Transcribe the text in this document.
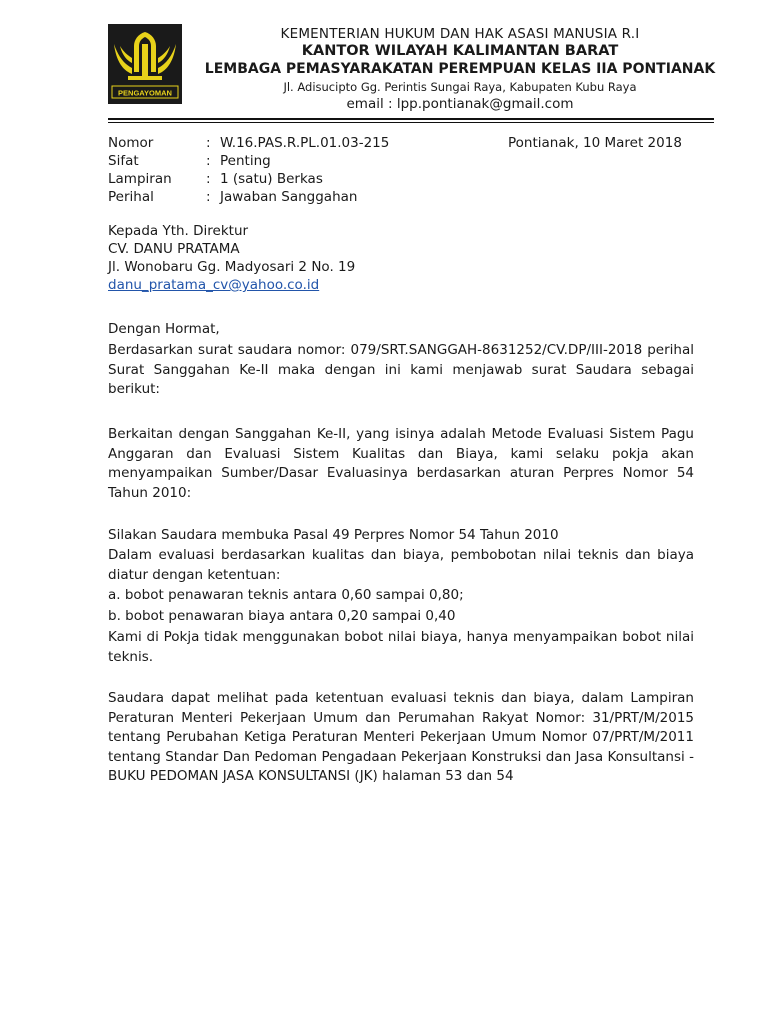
PENGAYOMAN
KEMENTERIAN HUKUM DAN HAK ASASI MANUSIA R.I
KANTOR WILAYAH KALIMANTAN BARAT
LEMBAGA PEMASYARAKATAN PEREMPUAN KELAS IIA PONTIANAK
Jl. Adisucipto Gg. Perintis Sungai Raya, Kabupaten Kubu Raya
email : lpp.pontianak@gmail.com
Nomor	: W.16.PAS.R.PL.01.03-215
Sifat	: Penting
Lampiran	: 1 (satu) Berkas
Perihal	: Jawaban Sanggahan
Pontianak, 10 Maret 2018
Kepada Yth. Direktur
CV. DANU PRATAMA
Jl. Wonobaru Gg. Madyosari 2 No. 19
danu_pratama_cv@yahoo.co.id
Dengan Hormat,
Berdasarkan surat saudara nomor: 079/SRT.SANGGAH-8631252/CV.DP/III-2018 perihal Surat Sanggahan Ke-II maka dengan ini kami menjawab surat Saudara sebagai berikut:
Berkaitan dengan Sanggahan Ke-II, yang isinya adalah Metode Evaluasi Sistem Pagu Anggaran dan Evaluasi Sistem Kualitas dan Biaya, kami selaku pokja akan menyampaikan Sumber/Dasar Evaluasinya berdasarkan aturan Perpres Nomor 54 Tahun 2010:
Silakan Saudara membuka Pasal 49 Perpres Nomor 54 Tahun 2010
Dalam evaluasi berdasarkan kualitas dan biaya, pembobotan nilai teknis dan biaya diatur dengan ketentuan:
a. bobot penawaran teknis antara 0,60 sampai 0,80;
b. bobot penawaran biaya antara 0,20 sampai 0,40
Kami di Pokja tidak menggunakan bobot nilai biaya, hanya menyampaikan bobot nilai teknis.
Saudara dapat melihat pada ketentuan evaluasi teknis dan biaya, dalam Lampiran Peraturan Menteri Pekerjaan Umum dan Perumahan Rakyat Nomor: 31/PRT/M/2015 tentang Perubahan Ketiga Peraturan Menteri Pekerjaan Umum Nomor 07/PRT/M/2011 tentang Standar Dan Pedoman Pengadaan Pekerjaan Konstruksi dan Jasa Konsultansi - BUKU PEDOMAN JASA KONSULTANSI (JK) halaman 53 dan 54
